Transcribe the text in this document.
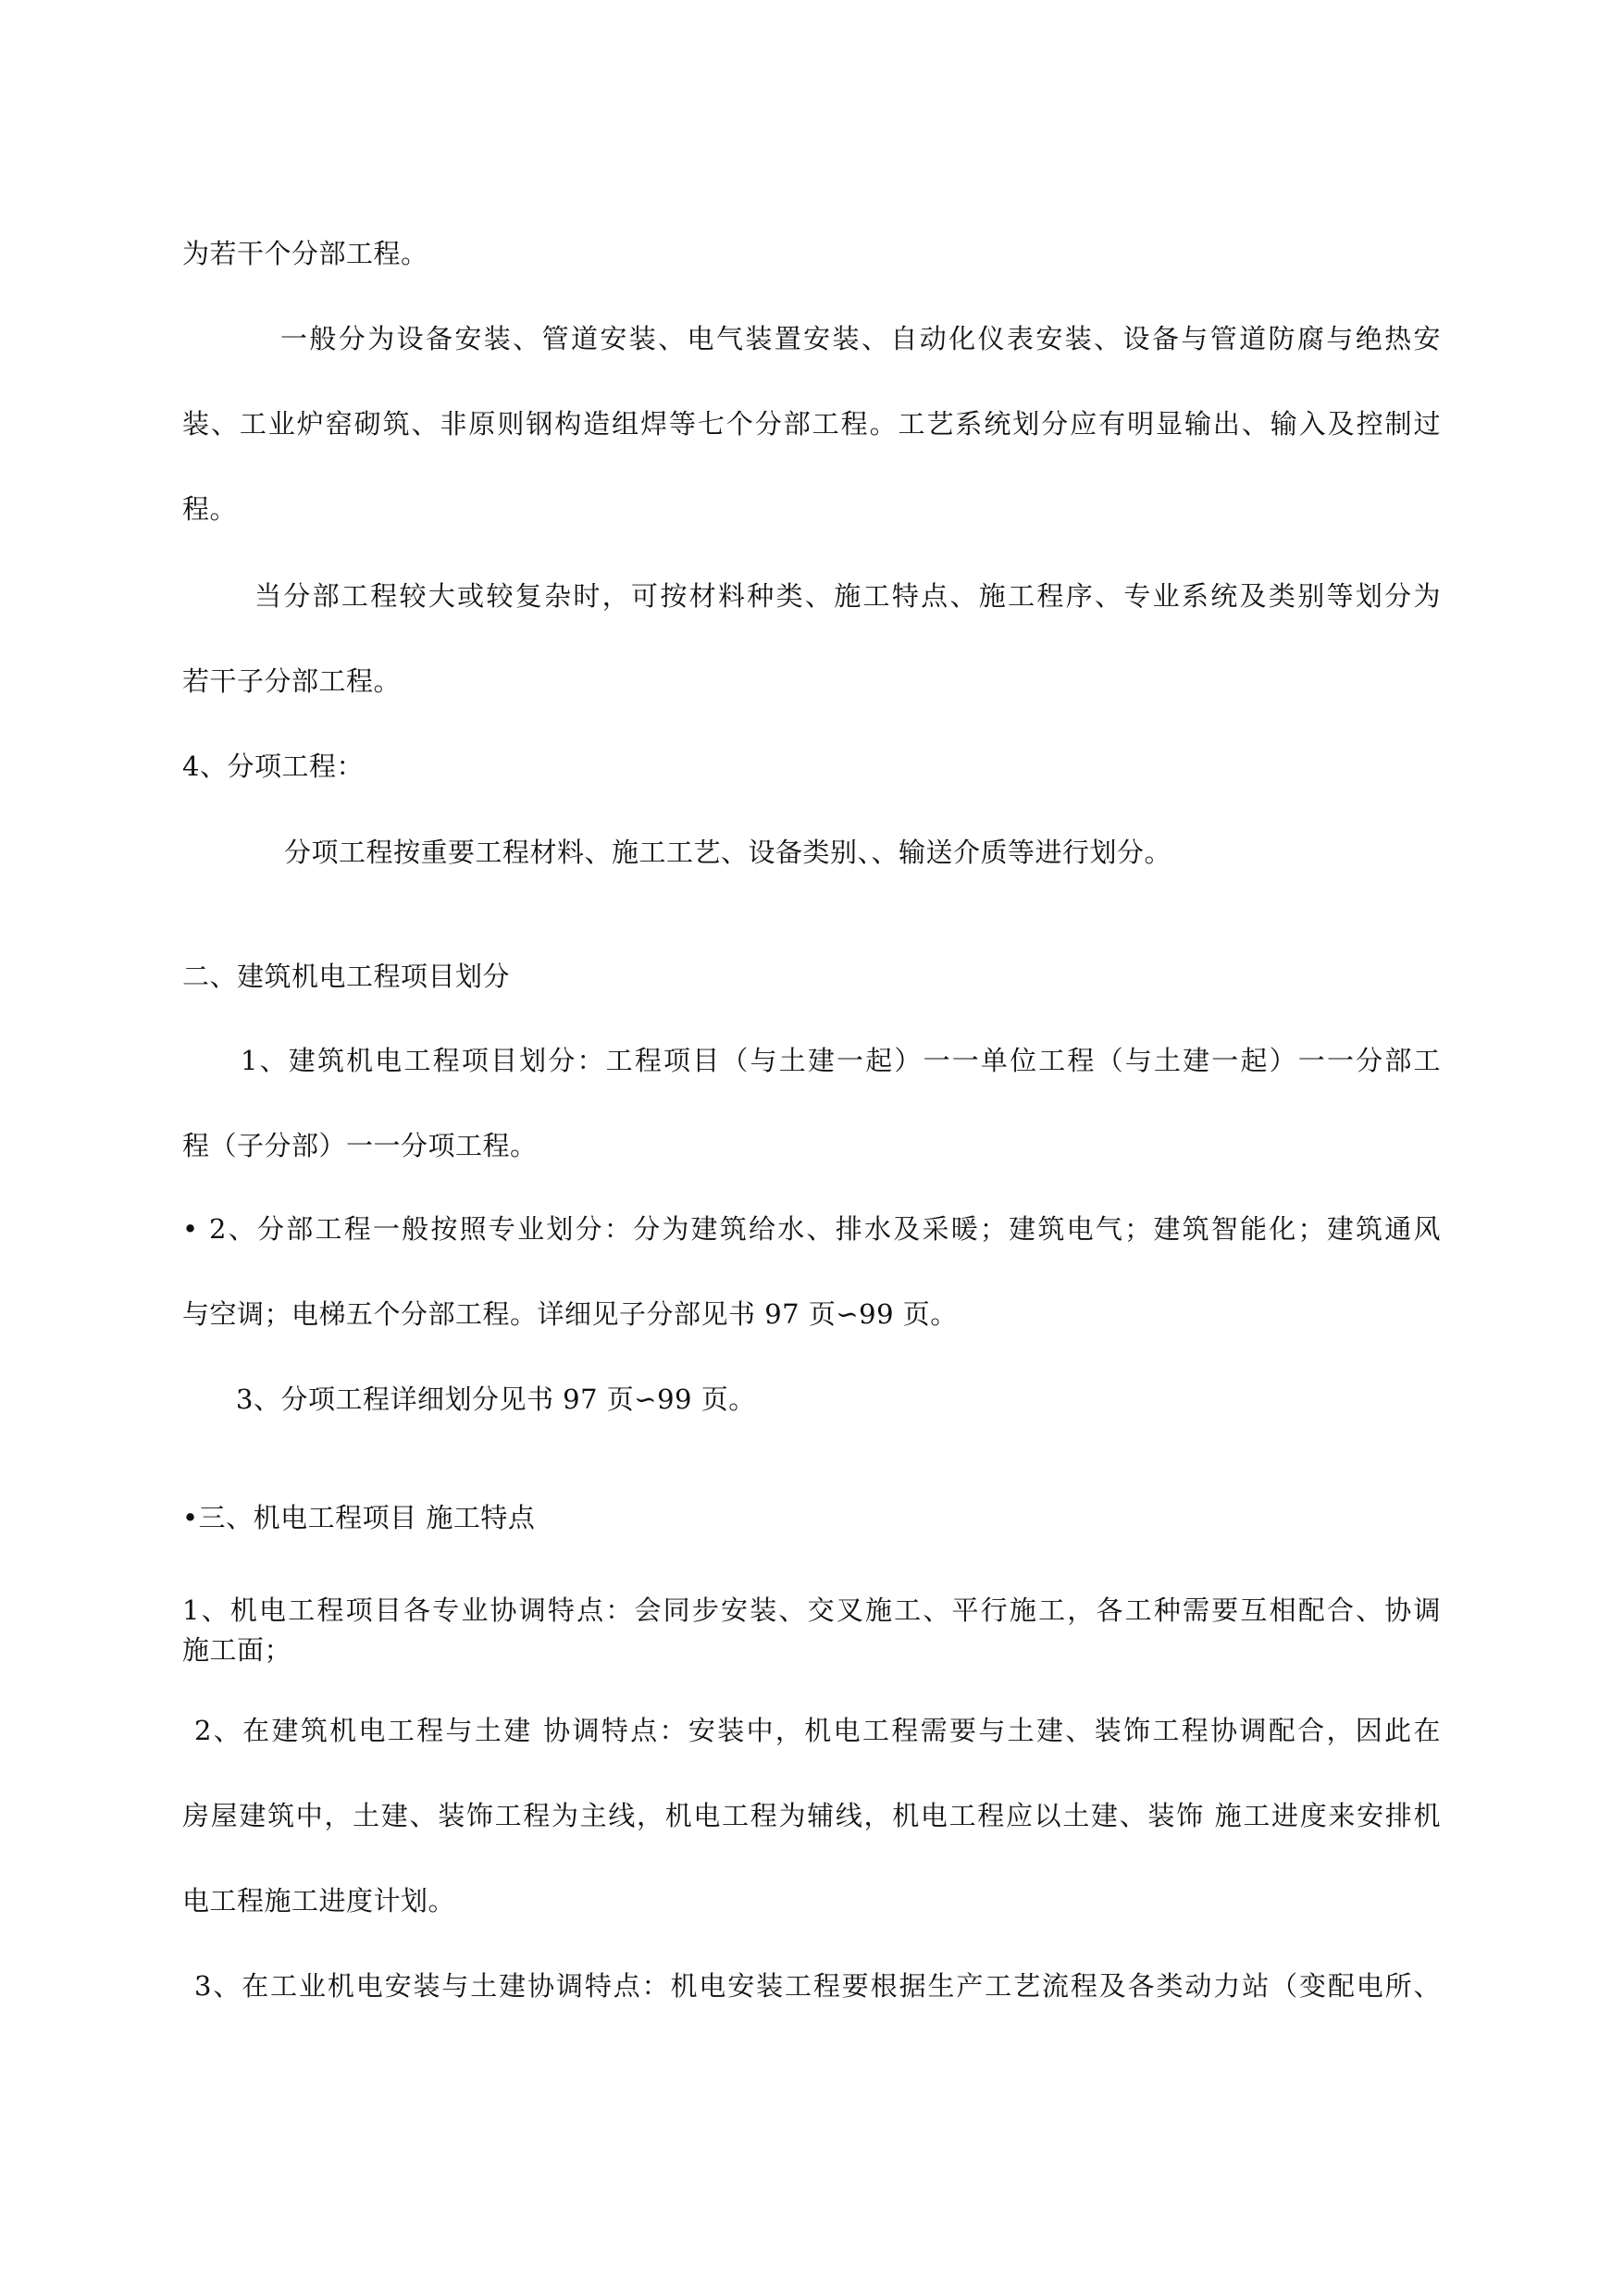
为若干个分部工程。
一般分为设备安装、管道安装、电气装置安装、自动化仪表安装、设备与管道防腐与绝热安
装、工业炉窑砌筑、非原则钢构造组焊等七个分部工程。工艺系统划分应有明显输出、输入及控制过
程。
当分部工程较大或较复杂时，可按材料种类、施工特点、施工程序、专业系统及类别等划分为
若干子分部工程。
4、分项工程：
分项工程按重要工程材料、施工工艺、设备类别、、输送介质等进行划分。
二、建筑机电工程项目划分
1、建筑机电工程项目划分：工程项目（与土建一起）一一单位工程（与土建一起）一一分部工
程（子分部）一一分项工程。
• 2、分部工程一般按照专业划分：分为建筑给水、排水及采暖；建筑电气；建筑智能化；建筑通风
与空调；电梯五个分部工程。详细见子分部见书 97 页∽99 页。
3、分项工程详细划分见书 97 页∽99 页。
•三、机电工程项目 施工特点
1、机电工程项目各专业协调特点：会同步安装、交叉施工、平行施工，各工种需要互相配合、协调
施工面；
2、在建筑机电工程与土建 协调特点：安装中，机电工程需要与土建、装饰工程协调配合，因此在
房屋建筑中，土建、装饰工程为主线，机电工程为辅线，机电工程应以土建、装饰 施工进度来安排机
电工程施工进度计划。
3、在工业机电安装与土建协调特点：机电安装工程要根据生产工艺流程及各类动力站（变配电所、
